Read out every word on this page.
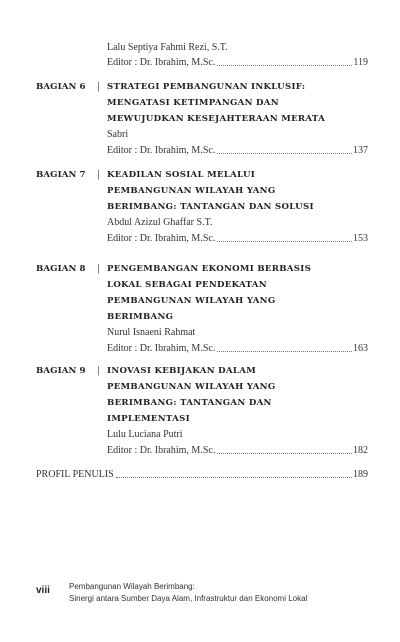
Lalu Septiya Fahmi Rezi, S.T.
Editor : Dr. Ibrahim, M.Sc.	119
BAGIAN 6	| STRATEGI PEMBANGUNAN INKLUSIF:
MENGATASI KETIMPANGAN DAN
MEWUJUDKAN KESEJAHTERAAN MERATA
Sabri
Editor : Dr. Ibrahim, M.Sc.	137
BAGIAN 7	| KEADILAN SOSIAL MELALUI
PEMBANGUNAN WILAYAH YANG
BERIMBANG: TANTANGAN DAN SOLUSI
Abdul Azizul Ghaffar S.T.
Editor : Dr. Ibrahim, M.Sc.	153
BAGIAN 8	| PENGEMBANGAN EKONOMI BERBASIS
LOKAL SEBAGAI PENDEKATAN
PEMBANGUNAN WILAYAH YANG
BERIMBANG
Nurul Isnaeni Rahmat
Editor : Dr. Ibrahim, M.Sc.	163
BAGIAN 9	| INOVASI KEBIJAKAN DALAM
PEMBANGUNAN WILAYAH YANG
BERIMBANG: TANTANGAN DAN
IMPLEMENTASI
Lulu Luciana Putri
Editor : Dr. Ibrahim, M.Sc.	182
PROFIL PENULIS	189
viii Pembangunan Wilayah Berimbang:
Sinergi antara Sumber Daya Alam, Infrastruktur dan Ekonomi Lokal
